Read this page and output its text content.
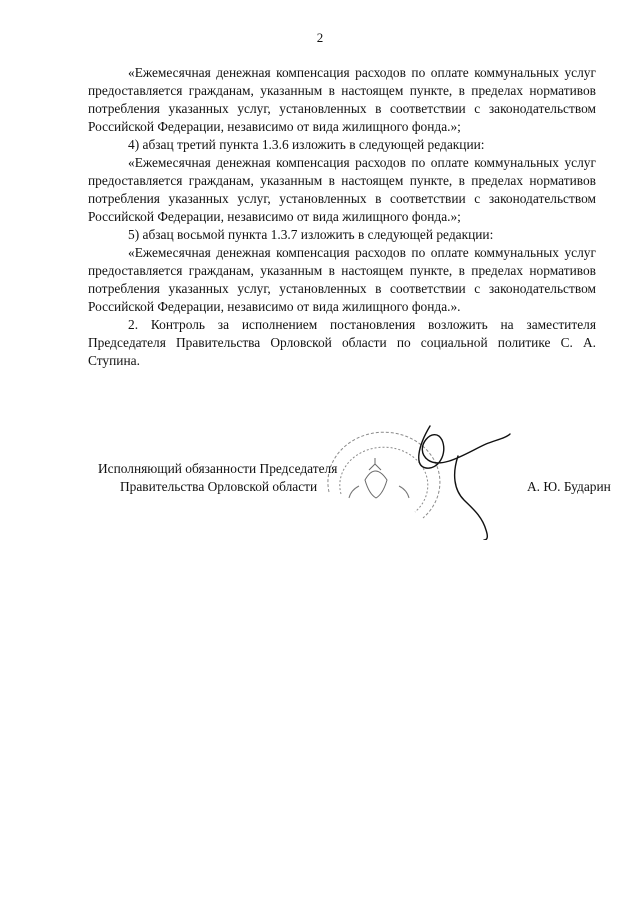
2

«Ежемесячная денежная компенсация расходов по оплате коммунальных услуг предоставляется гражданам, указанным в настоящем пункте, в пределах нормативов потребления указанных услуг, установленных в соответствии с законодательством Российской Федерации, независимо от вида жилищного фонда.»;

4) абзац третий пункта 1.3.6 изложить в следующей редакции:

«Ежемесячная денежная компенсация расходов по оплате коммунальных услуг предоставляется гражданам, указанным в настоящем пункте, в пределах нормативов потребления указанных услуг, установленных в соответствии с законодательством Российской Федерации, независимо от вида жилищного фонда.»;

5) абзац восьмой пункта 1.3.7 изложить в следующей редакции:

«Ежемесячная денежная компенсация расходов по оплате коммунальных услуг предоставляется гражданам, указанным в настоящем пункте, в пределах нормативов потребления указанных услуг, установленных в соответствии с законодательством Российской Федерации, независимо от вида жилищного фонда.».

2. Контроль за исполнением постановления возложить на заместителя Председателя Правительства Орловской области по социальной политике С. А. Ступина.

Исполняющий обязанности Председателя
Правительства Орловской области	А. Ю. Бударин
